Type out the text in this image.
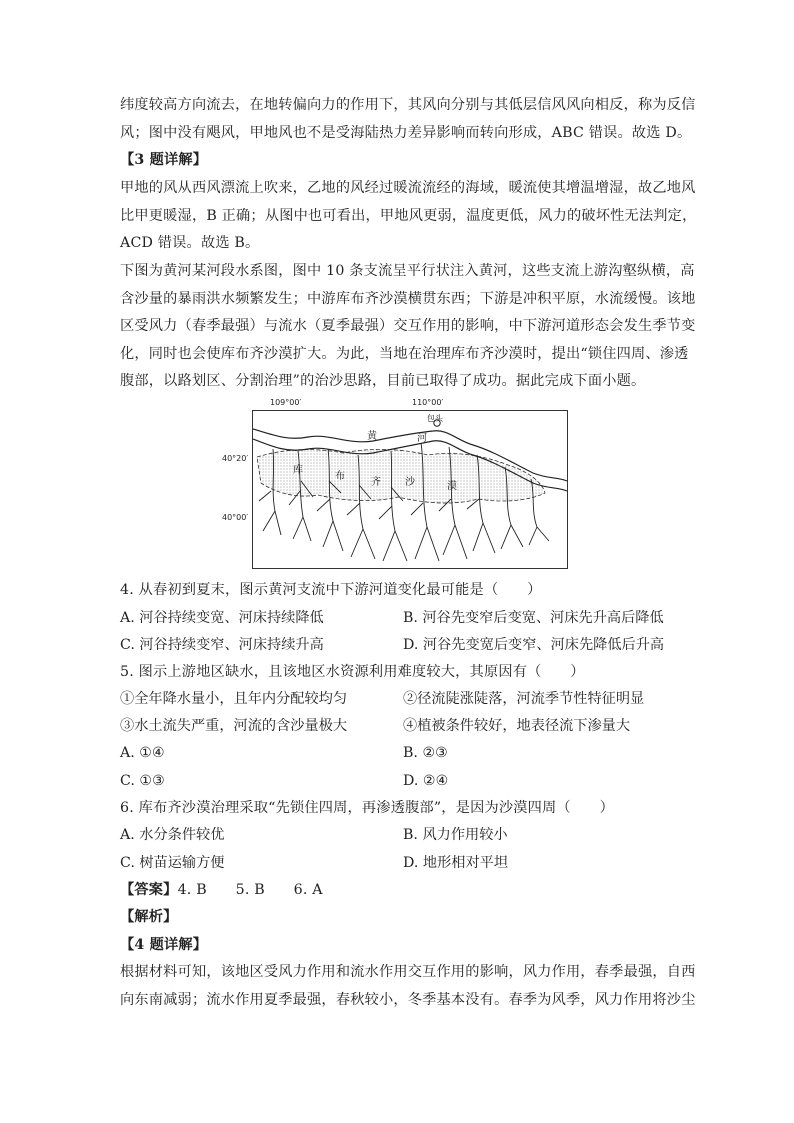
纬度较高方向流去，在地转偏向力的作用下，其风向分别与其低层信风风向相反，称为反信
风；图中没有飓风，甲地风也不是受海陆热力差异影响而转向形成，ABC 错误。故选 D。
【3 题详解】
甲地的风从西风漂流上吹来，乙地的风经过暖流流经的海域，暖流使其增温增湿，故乙地风
比甲更暖湿，B 正确；从图中也可看出，甲地风更弱，温度更低，风力的破坏性无法判定，
ACD 错误。故选 B。
下图为黄河某河段水系图，图中 10 条支流呈平行状注入黄河，这些支流上游沟壑纵横，高
含沙量的暴雨洪水频繁发生；中游库布齐沙漠横贯东西；下游是冲积平原，水流缓慢。该地
区受风力（春季最强）与流水（夏季最强）交互作用的影响，中下游河道形态会发生季节变
化，同时也会使库布齐沙漠扩大。为此，当地在治理库布齐沙漠时，提出“锁住四周、渗透
腹部，以路划区、分割治理”的治沙思路，目前已取得了成功。据此完成下面小题。
109°00′	110°00′
40°20′
40°00′
包头
黄	河
库
布
齐 沙	漠
4. 从春初到夏末，图示黄河支流中下游河道变化最可能是（　　）
A. 河谷持续变宽、河床持续降低	B. 河谷先变窄后变宽、河床先升高后降低
C. 河谷持续变窄、河床持续升高	D. 河谷先变宽后变窄、河床先降低后升高
5. 图示上游地区缺水，且该地区水资源利用难度较大，其原因有（　　）
①全年降水量小，且年内分配较均匀	②径流陡涨陡落，河流季节性特征明显
③水土流失严重，河流的含沙量极大	④植被条件较好，地表径流下渗量大
A. ①④	B. ②③
C. ①③	D. ②④
6. 库布齐沙漠治理采取“先锁住四周，再渗透腹部”，是因为沙漠四周（　　）
A. 水分条件较优	B. 风力作用较小
C. 树苗运输方便	D. 地形相对平坦
【答案】4. B　　5. B　　6. A
【解析】
【4 题详解】
根据材料可知，该地区受风力作用和流水作用交互作用的影响，风力作用，春季最强，自西
向东南减弱；流水作用夏季最强，春秋较小，冬季基本没有。春季为风季，风力作用将沙尘
